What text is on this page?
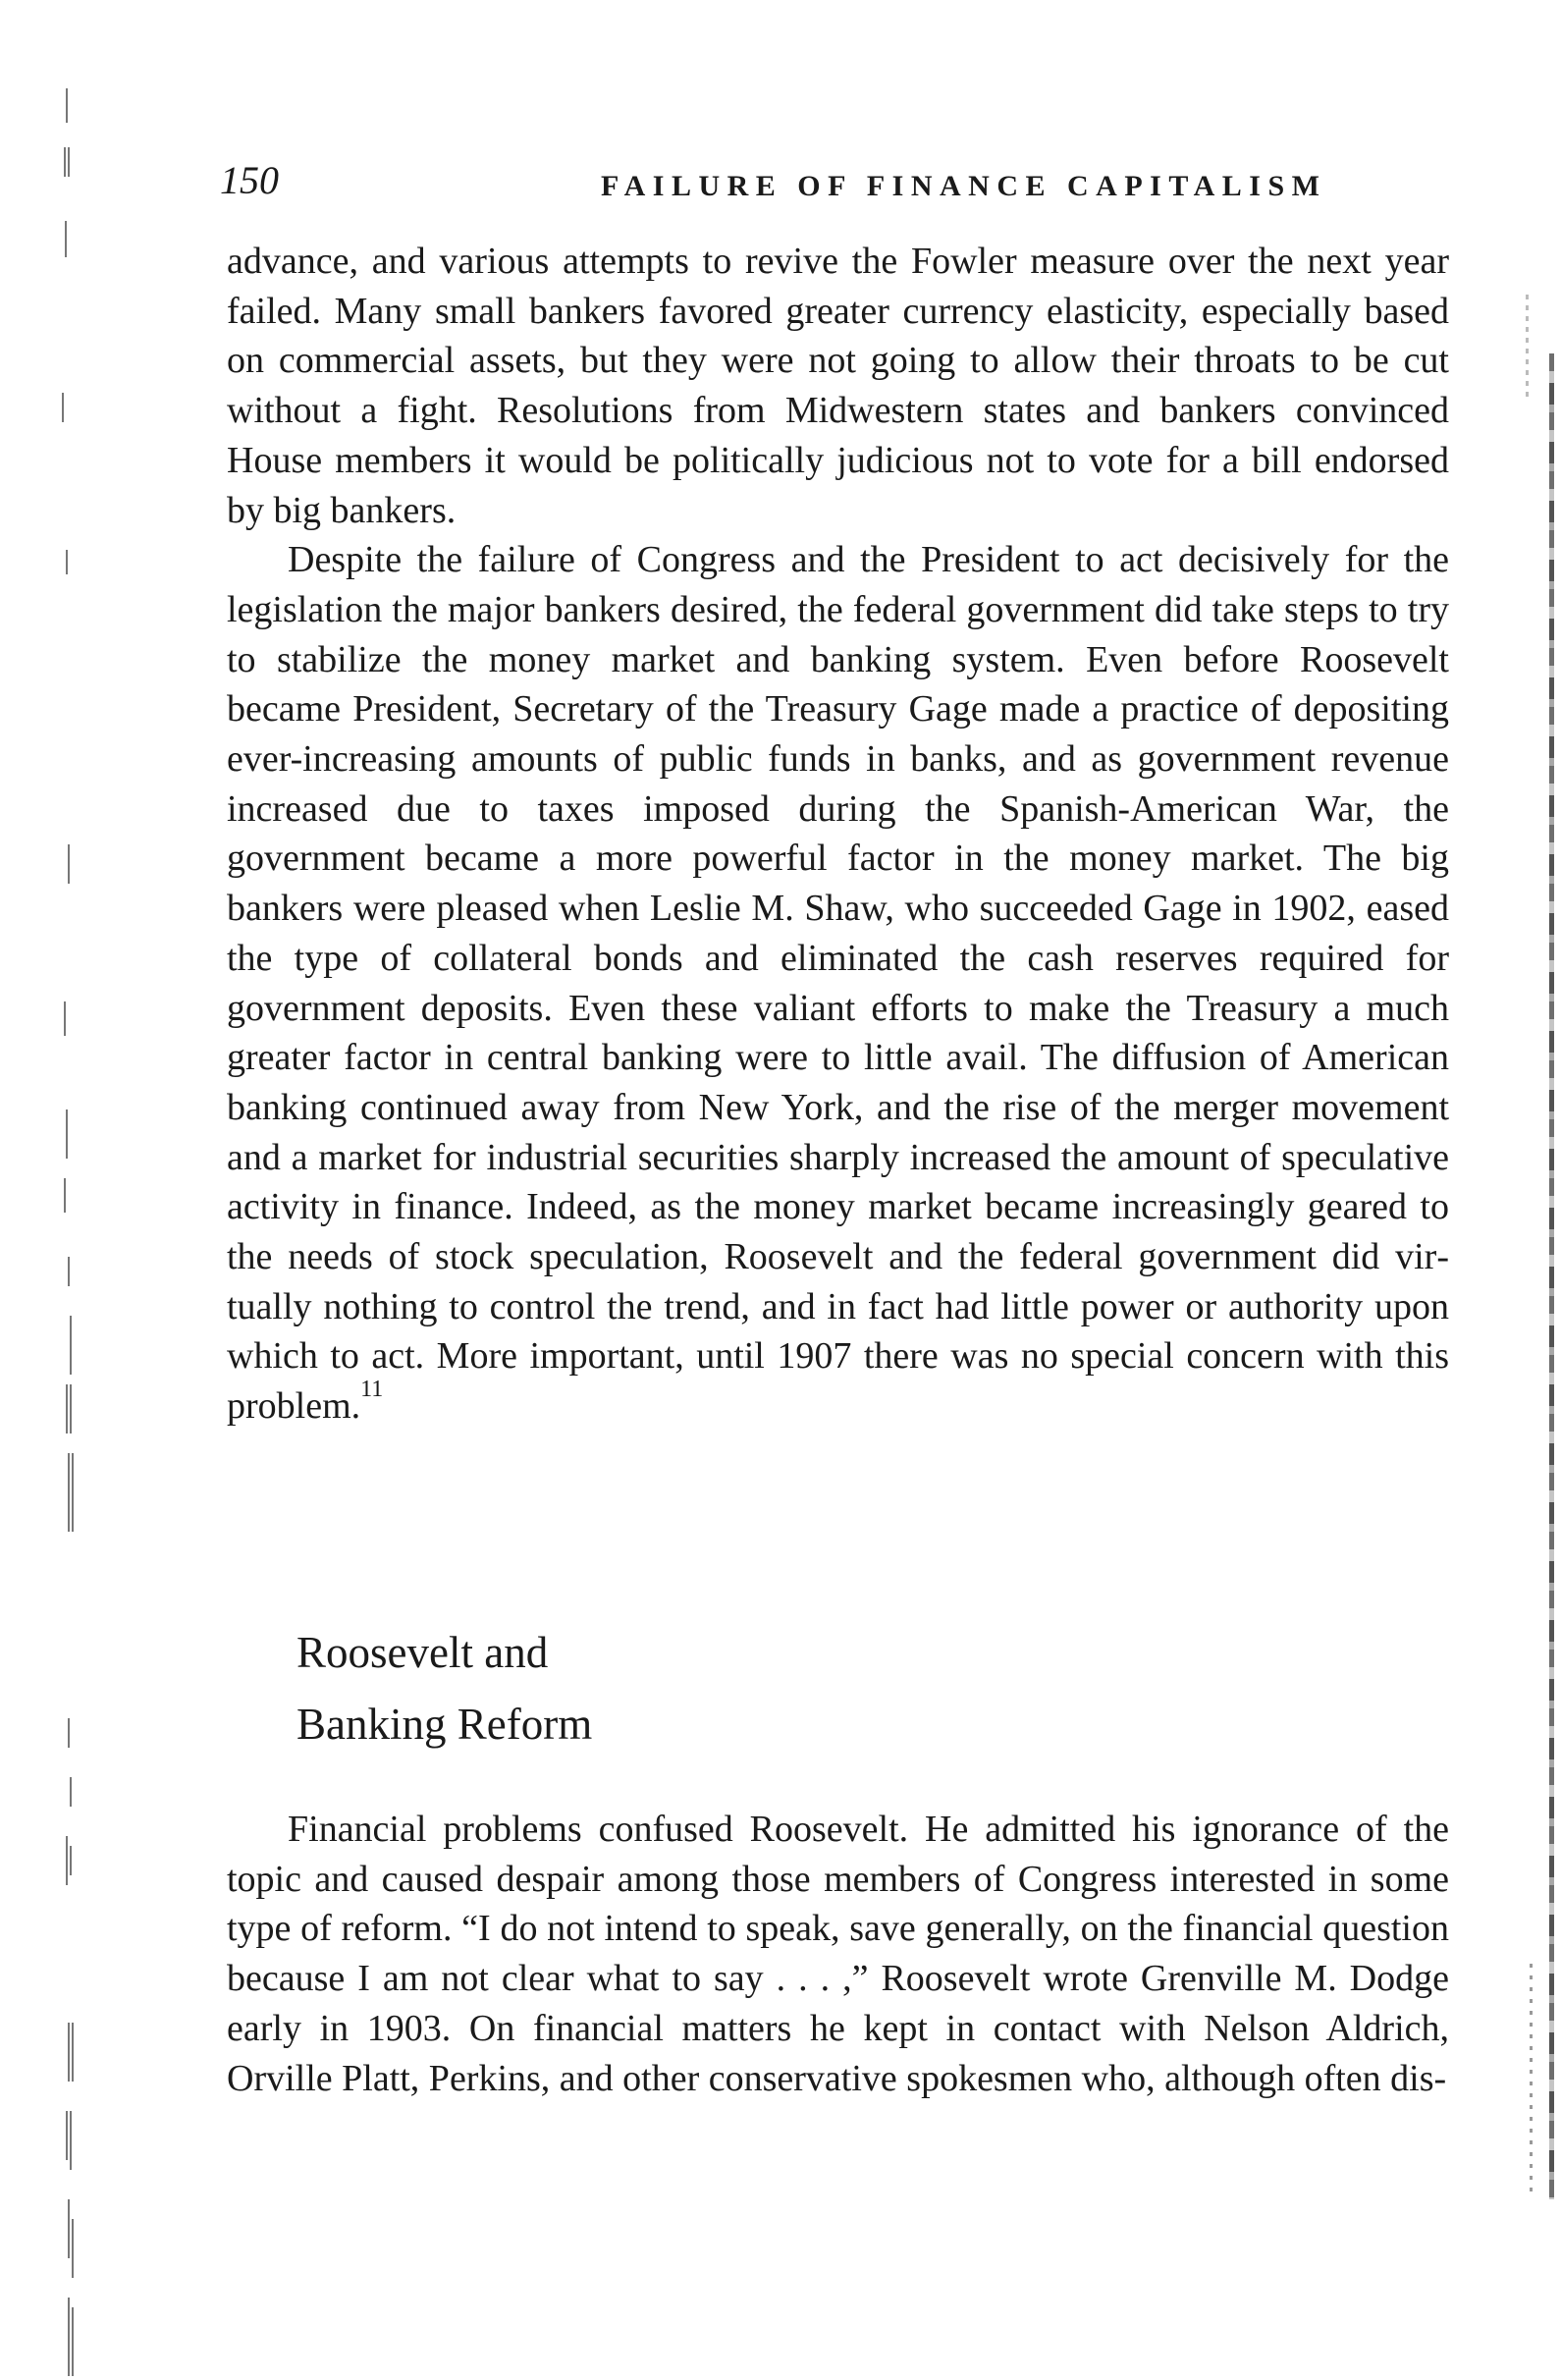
150	FAILURE OF FINANCE CAPITALISM

advance, and various attempts to revive the Fowler measure over the next year failed. Many small bankers favored greater currency elasticity, especially based on commercial assets, but they were not going to allow their throats to be cut without a fight. Resolutions from Midwestern states and bankers convinced House members it would be politically judicious not to vote for a bill endorsed by big bankers.
Despite the failure of Congress and the President to act decisively for the legislation the major bankers desired, the federal government did take steps to try to stabilize the money market and banking system. Even before Roosevelt became President, Secretary of the Treasury Gage made a practice of depositing ever-increasing amounts of public funds in banks, and as government revenue increased due to taxes imposed during the Spanish-American War, the government became a more powerful factor in the money market. The big bankers were pleased when Leslie M. Shaw, who succeeded Gage in 1902, eased the type of collateral bonds and eliminated the cash reserves required for government deposits. Even these valiant efforts to make the Treasury a much greater factor in central banking were to little avail. The diffusion of American banking continued away from New York, and the rise of the merger movement and a market for industrial securities sharply increased the amount of speculative activity in finance. Indeed, as the money market became increasingly geared to the needs of stock speculation, Roosevelt and the federal government did virtually nothing to control the trend, and in fact had little power or authority upon which to act. More important, until 1907 there was no special concern with this problem.$^{11}$

Roosevelt and
Banking Reform

Financial problems confused Roosevelt. He admitted his ignorance of the topic and caused despair among those members of Congress interested in some type of reform. “I do not intend to speak, save generally, on the financial question because I am not clear what to say . . . ,” Roosevelt wrote Grenville M. Dodge early in 1903. On financial matters he kept in contact with Nelson Aldrich, Orville Platt, Perkins, and other conservative spokesmen who, although often dis-
